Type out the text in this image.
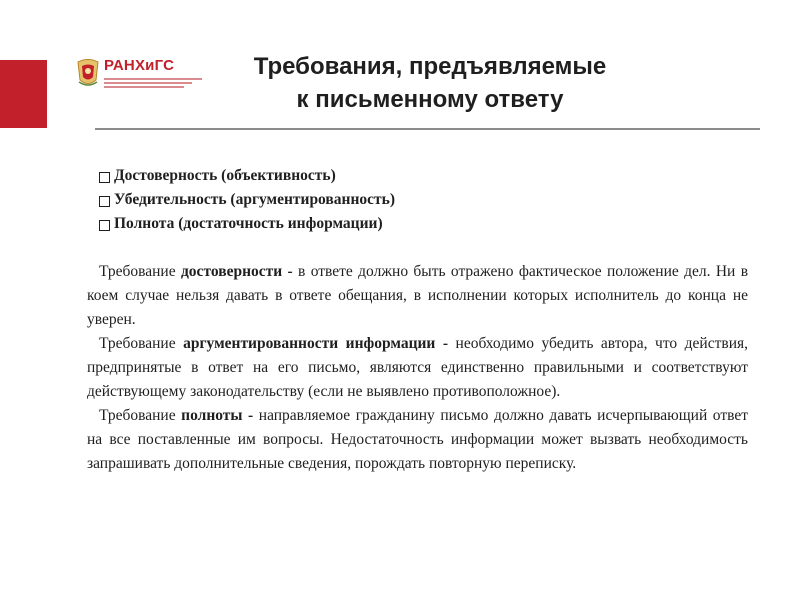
РАНХиГС	Требования, предъявляемые
к письменному ответу
Достоверность (объективность)
Убедительность (аргументированность)
Полнота (достаточность информации)

Требование достоверности - в ответе должно быть отражено фактическое положение дел. Ни в коем случае нельзя давать в ответе обещания, в исполнении которых исполнитель до конца не уверен.

Требование аргументированности информации - необходимо убедить автора, что действия, предпринятые в ответ на его письмо, являются единственно правильными и соответствуют действующему законодательству (если не выявлено противоположное).

Требование полноты - направляемое гражданину письмо должно давать исчерпывающий ответ на все поставленные им вопросы. Недостаточность информации может вызвать необходимость запрашивать дополнительные сведения, порождать повторную переписку.
